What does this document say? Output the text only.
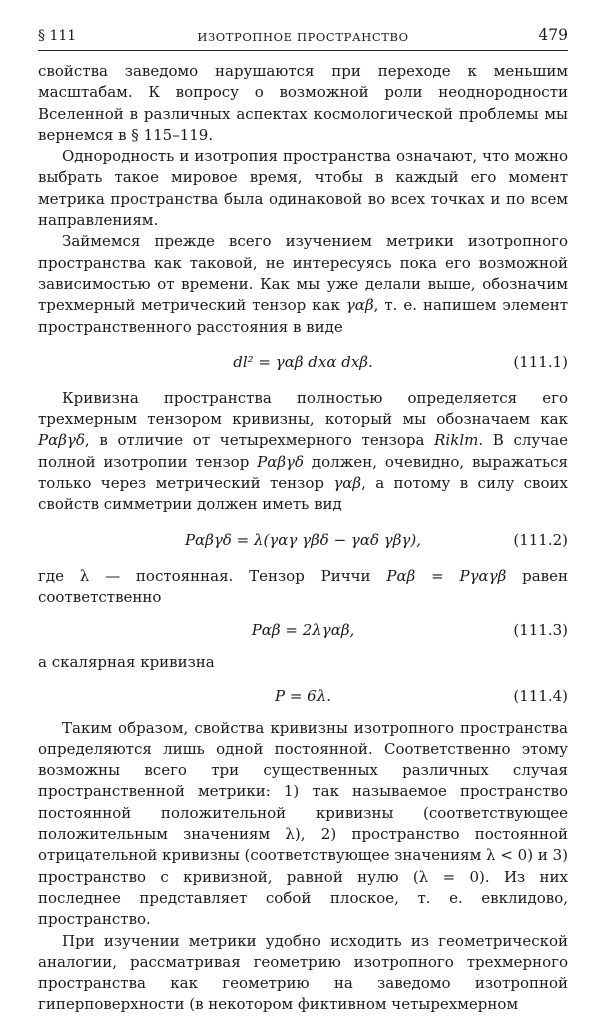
§ 111	ИЗОТРОПНОЕ ПРОСТРАНСТВО	479

свойства заведомо нарушаются при переходе к меньшим масштабам. К вопросу о возможной роли неоднородности Вселенной в различных аспектах космологической проблемы мы вернемся в § 115–119.

Однородность и изотропия пространства означают, что можно выбрать такое мировое время, чтобы в каждый его момент метрика пространства была одинаковой во всех точках и по всем направлениям.

Займемся прежде всего изучением метрики изотропного пространства как таковой, не интересуясь пока его возможной зависимостью от времени. Как мы уже делали выше, обозначим трехмерный метрический тензор как γαβ, т. е. напишем элемент пространственного расстояния в виде

dl² = γαβ dxα dxβ.	(111.1)

Кривизна пространства полностью определяется его трехмерным тензором кривизны, который мы обозначаем как Pαβγδ, в отличие от четырехмерного тензора Riklm. В случае полной изотропии тензор Pαβγδ должен, очевидно, выражаться только через метрический тензор γαβ, а потому в силу своих свойств симметрии должен иметь вид

Pαβγδ = λ(γαγ γβδ − γαδ γβγ),	(111.2)

где λ — постоянная. Тензор Риччи Pαβ = Pγαγβ равен соответственно

Pαβ = 2λγαβ,	(111.3)

а скалярная кривизна

P = 6λ.	(111.4)

Таким образом, свойства кривизны изотропного пространства определяются лишь одной постоянной. Соответственно этому возможны всего три существенных различных случая пространственной метрики: 1) так называемое пространство постоянной положительной кривизны (соответствующее положительным значениям λ), 2) пространство постоянной отрицательной кривизны (соответствующее значениям λ < 0) и 3) пространство с кривизной, равной нулю (λ = 0). Из них последнее представляет собой плоское, т. е. евклидово, пространство.

При изучении метрики удобно исходить из геометрической аналогии, рассматривая геометрию изотропного трехмерного пространства как геометрию на заведомо изотропной гиперповерхности (в некотором фиктивном четырехмерном
